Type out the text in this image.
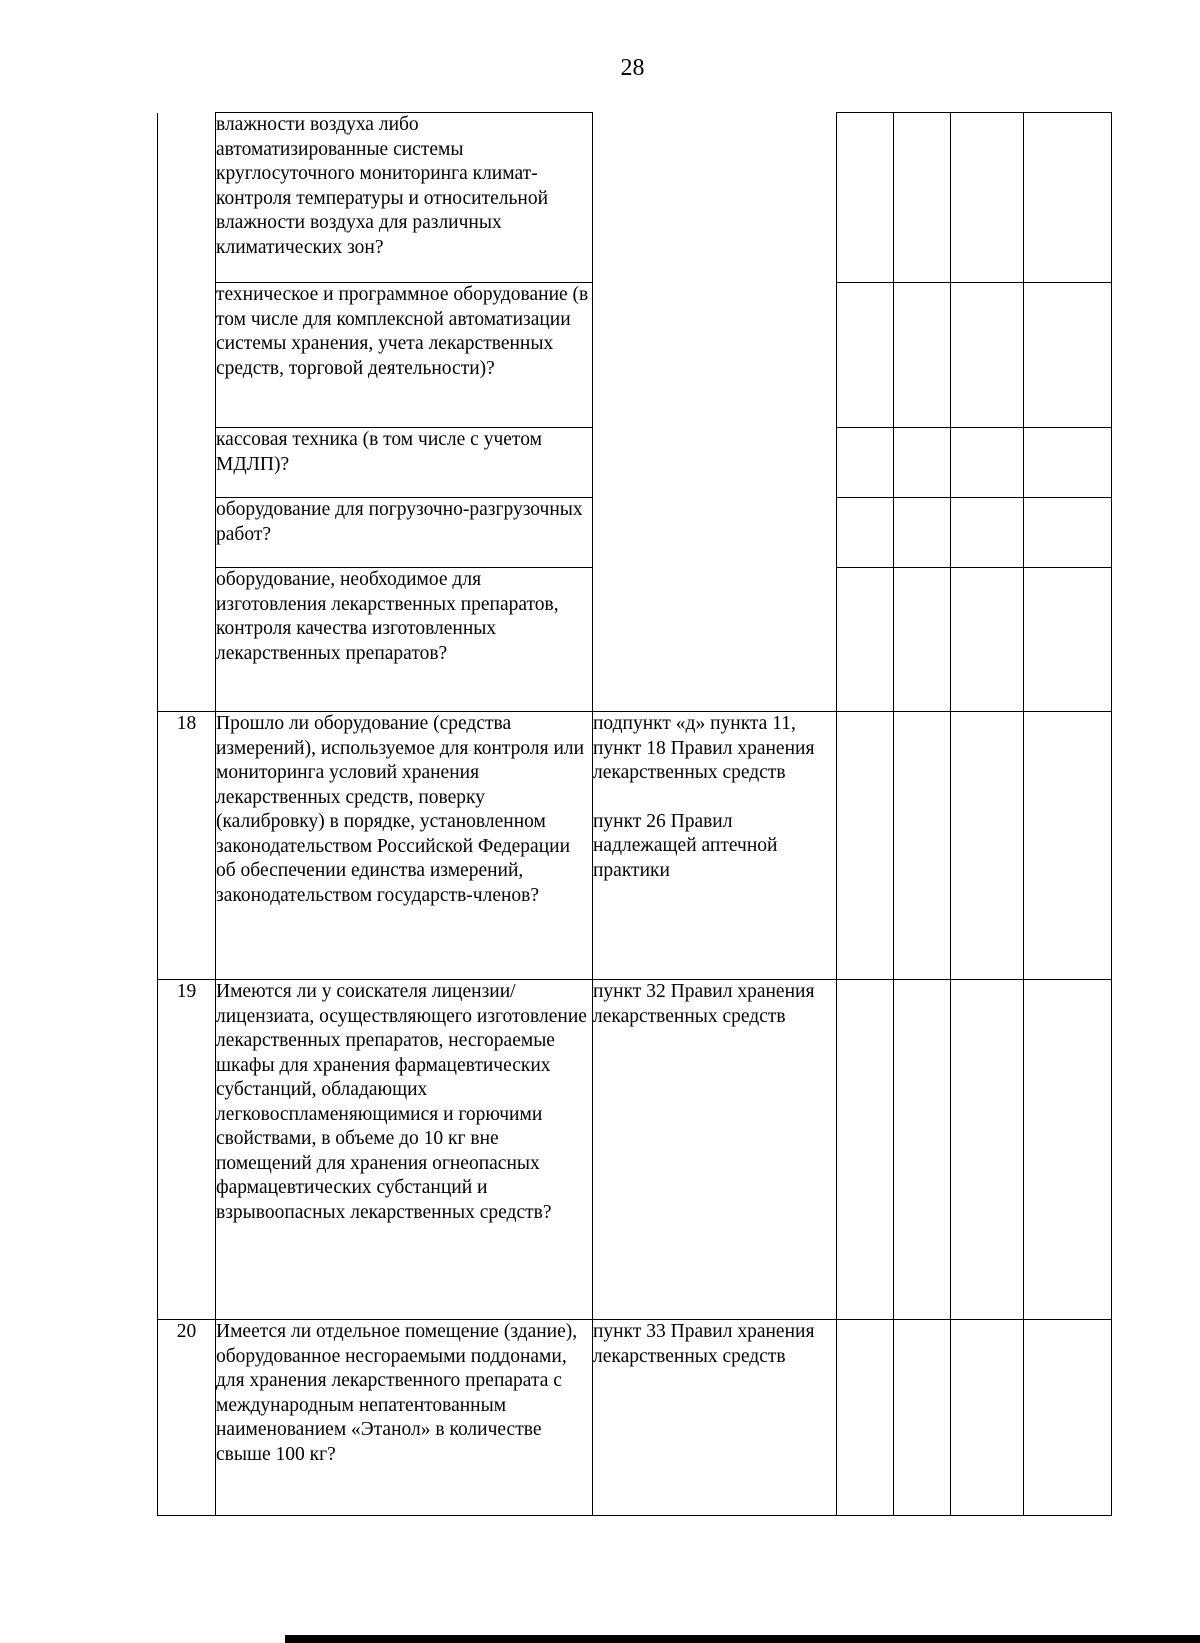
28
	влажности воздуха либо автоматизированные системы круглосуточного мониторинга климат-контроля температуры и относительной влажности воздуха для различных климатических зон?					
	техническое и программное оборудование (в том числе для комплексной автоматизации системы хранения, учета лекарственных средств, торговой деятельности)?					
	кассовая техника (в том числе с учетом МДЛП)?					
	оборудование для погрузочно-разгрузочных работ?					
	оборудование, необходимое для изготовления лекарственных препаратов, контроля качества изготовленных лекарственных препаратов?					
18	Прошло ли оборудование (средства измерений), используемое для контроля или мониторинга условий хранения лекарственных средств, поверку (калибровку) в порядке, установленном законодательством Российской Федерации об обеспечении единства измерений, законодательством государств-членов?	подпункт «д» пункта 11, пункт 18 Правил хранения лекарственных средств

пункт 26 Правил надлежащей аптечной практики				

19	Имеются ли у соискателя лицензии/лицензиата, осуществляющего изготовление лекарственных препаратов, несгораемые шкафы для хранения фармацевтических субстанций, обладающих легковоспламеняющимися и горючими свойствами, в объеме до 10 кг вне помещений для хранения огнеопасных фармацевтических субстанций и взрывоопасных лекарственных средств?	пункт 32 Правил хранения лекарственных средств				

20	Имеется ли отдельное помещение (здание), оборудованное несгораемыми поддонами, для хранения лекарственного препарата с международным непатентованным наименованием «Этанол» в количестве свыше 100 кг?	пункт 33 Правил хранения лекарственных средств				
